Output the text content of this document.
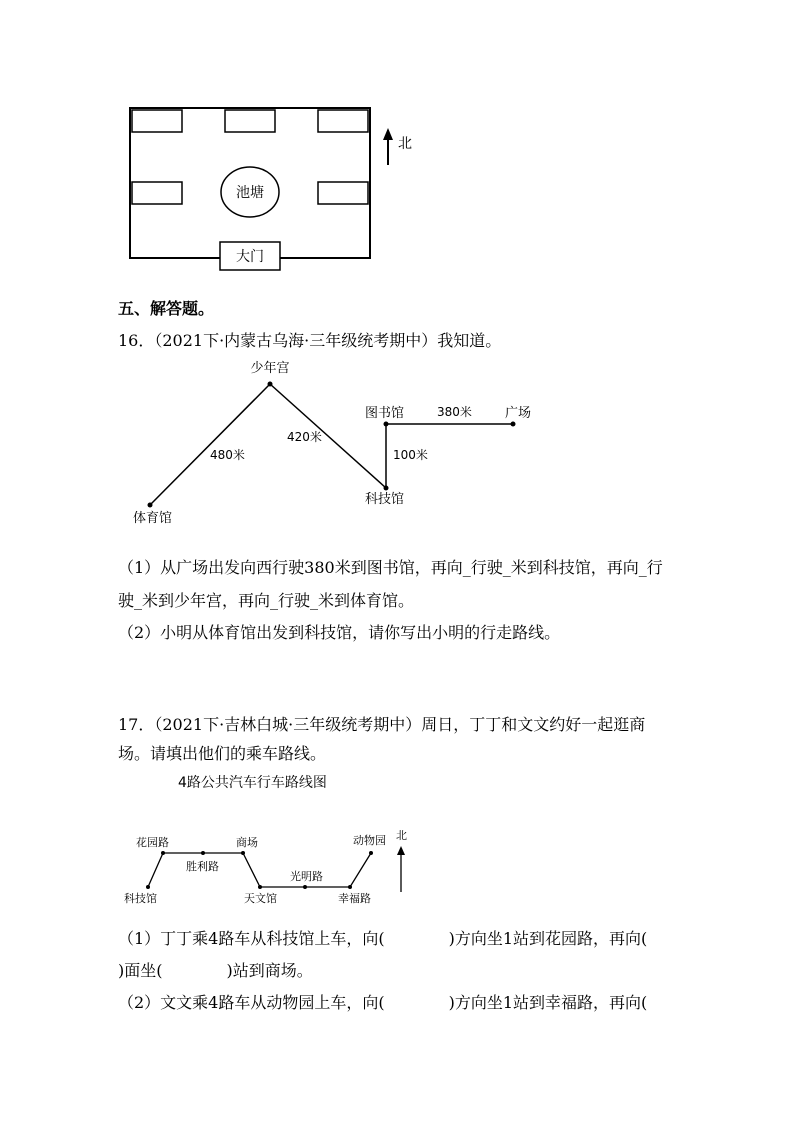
池塘
大门
北
五、解答题。
16．（2021下·内蒙古乌海·三年级统考期中）我知道。
少年宫
体育馆
科技馆
图书馆	广场
480米
420米
380米
100米
（1）从广场出发向西行驶380米到图书馆，再向_行驶_米到科技馆，再向_行
驶_米到少年宫，再向_行驶_米到体育馆。
（2）小明从体育馆出发到科技馆，请你写出小明的行走路线。
17．（2021下·吉林白城·三年级统考期中）周日，丁丁和文文约好一起逛商
场。请填出他们的乘车路线。
4路公共汽车行车路线图
花园路	商场
胜利路
动物园
科技馆	天文馆
光明路
幸福路
北
（1）丁丁乘4路车从科技馆上车，向(　　　　)方向坐1站到花园路，再向(
)面坐(　　　　)站到商场。
（2）文文乘4路车从动物园上车，向(　　　　)方向坐1站到幸福路，再向(
